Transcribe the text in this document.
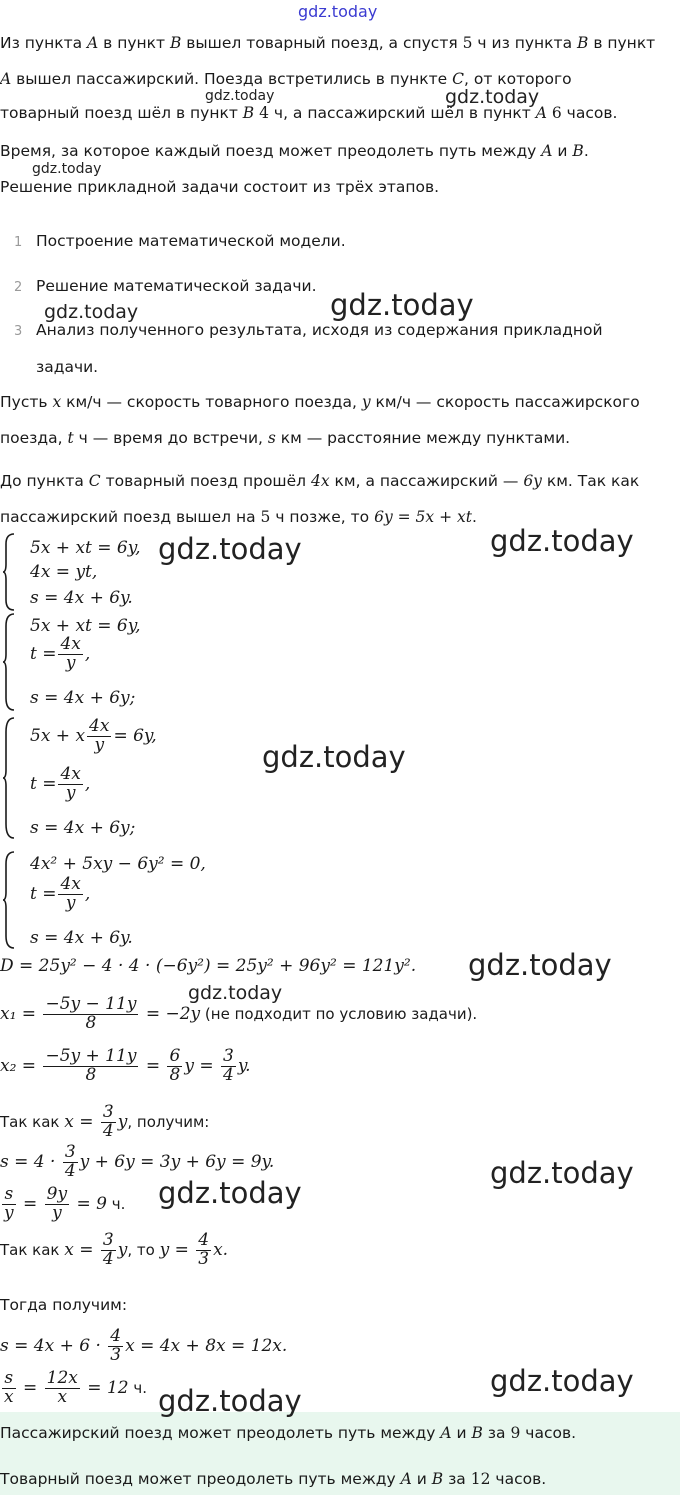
gdz.today
Из пункта A в пункт B вышел товарный поезд, а спустя 5 ч из пункта B в пункт
A вышел пассажирский. Поезда встретились в пункте C, от которого
товарный поезд шёл в пункт B 4 ч, а пассажирский шёл в пункт A 6 часов.
Время, за которое каждый поезд может преодолеть путь между A и B.
Решение прикладной задачи состоит из трёх этапов.
1 Построение математической модели.
2 Решение математической задачи.
3 Анализ полученного результата, исходя из содержания прикладной
задачи.
Пусть x км/ч — скорость товарного поезда, y км/ч — скорость пассажирского
поезда, t ч — время до встречи, s км — расстояние между пунктами.
До пункта C товарный поезд прошёл 4x км, а пассажирский — 6y км. Так как
пассажирский поезд вышел на 5 ч позже, то 6y = 5x + xt.
5x + xt = 6y,
4x = yt,
s = 4x + 6y.
5x + xt = 6y,
$t = \frac{4x}{y}$ ,
s = 4x + 6y;
5x + x $\frac{4x}{y} = 6y$,
$t = \frac{4x}{y}$ ,
s = 4x + 6y;
4x² + 5xy − 6y² = 0,
$t = \frac{4x}{y}$ ,
s = 4x + 6y.
D = 25y² − 4 · 4 · (−6y²) = 25y² + 96y² = 121y².
$x_1 = \frac{-5y - 11y}{8} = -2y$ (не подходит по условию задачи).
$x_2 = \frac{-5y + 11y}{8} = \frac{6}{8}$ $y = \frac{3}{4} y$.
Так как $x = \frac{3}{4} y$, получим:
$s = 4 \cdot \frac{3}{4}$ y + 6y = 3y + 6y = 9y.
$\frac{s}{y} = \frac{9y}{y} = 9$ ч.
Так как $x = \frac{3}{4} y$, то $y = \frac{4}{3} x$.
Тогда получим:
$s = 4x + 6 \cdot \frac{4}{3}$ x = 4x + 8x = 12x.
$\frac{s}{x} = \frac{12x}{x} = 12$ ч.
Пассажирский поезд может преодолеть путь между A и B за 9 часов.
Товарный поезд может преодолеть путь между A и B за 12 часов.
gdz.today	gdz.today
gdz.today
gdz.today	gdz.today
gdz.today	gdz.today
gdz.today
gdz.today
gdz.today
gdz.today
gdz.today
gdz.today
gdz.today
